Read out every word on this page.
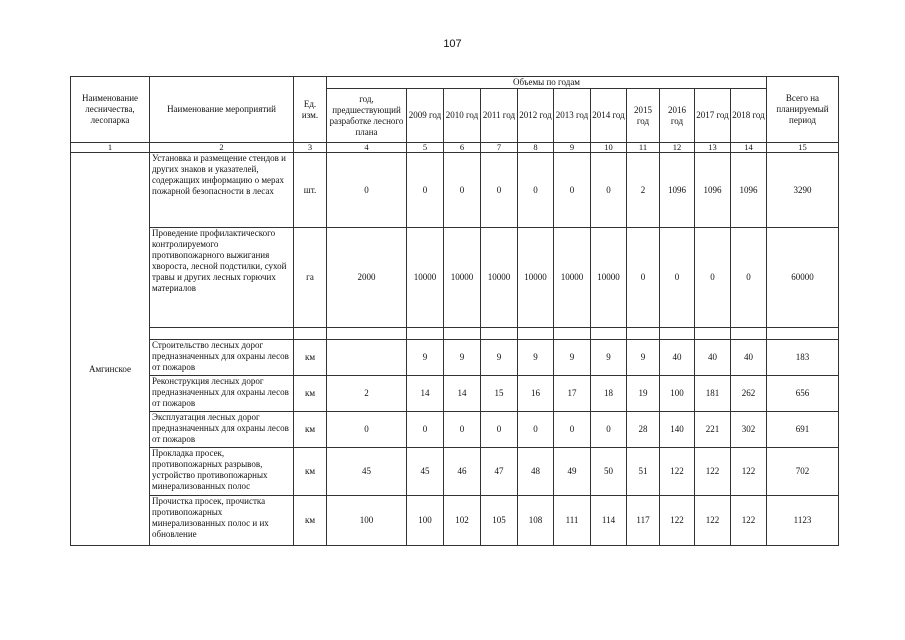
107
Наименование лесничества, лесопарка	Наименование мероприятий	Ед. изм.	Объемы по годам											Всего на планируемый период
			год, предшествующий разработке лесного плана	2009 год	2010 год	2011 год	2012 год	2013 год	2014 год	2015 год	2016 год	2017 год	2018 год	
1	2	3	4	5	6	7	8	9	10	11	12	13	14	15
Амгинское	Установка и размещение стендов и других знаков и указателей, содержащих информацию о мерах пожарной безопасности в лесах	шт.	0	0	0	0	0	0	0	2	1096	1096	1096	3290
	Проведение профилактического контролируемого противопожарного выжигания хвороста, лесной подстилки, сухой травы и других лесных горючих материалов	га	2000	10000	10000	10000	10000	10000	10000	0	0	0	0	60000

	Строительство лесных дорог предназначенных для охраны лесов от пожаров	км		9	9	9	9	9	9	9	40	40	40	183
	Реконструкция лесных дорог предназначенных для охраны лесов от пожаров	км	2	14	14	15	16	17	18	19	100	181	262	656
	Эксплуатация лесных дорог предназначенных для охраны лесов от пожаров	км	0	0	0	0	0	0	0	28	140	221	302	691
	Прокладка просек, противопожарных разрывов, устройство противопожарных минерализованных полос	км	45	45	46	47	48	49	50	51	122	122	122	702
	Прочистка просек, прочистка противопожарных минерализованных полос и их обновление	км	100	100	102	105	108	111	114	117	122	122	122	1123
